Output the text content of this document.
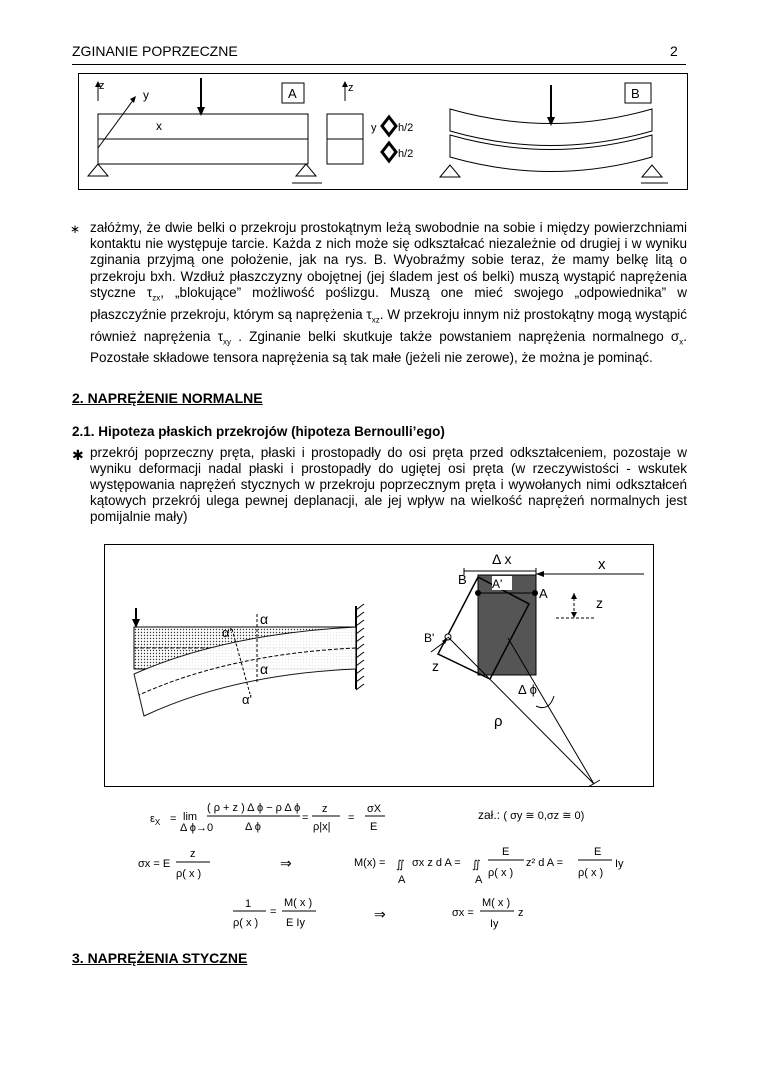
ZGINANIE POPRZECZNE	2
z
y
x
A	z
y h/2
h/2
B
∗ załóżmy, że dwie belki o przekroju prostokątnym leżą swobodnie na sobie i między powierzchniami kontaktu nie występuje tarcie. Każda z nich może się odkształcać niezależnie od drugiej i w wyniku zginania przyjmą one położenie, jak na rys. B. Wyobraźmy sobie teraz, że mamy belkę litą o przekroju bxh. Wzdłuż płaszczyzny obojętnej (jej śladem jest oś belki) muszą wystąpić naprężenia styczne $\tau_{zx}$, „blokujące” możliwość poślizgu. Muszą one mieć swojego „odpowiednika” w płaszczyźnie przekroju, którym są naprężenia $\tau_{xz}$. W przekroju innym niż prostokątny mogą wystąpić również naprężenia $\tau_{xy}$ . Zginanie belki skutkuje także powstaniem naprężenia normalnego $\sigma_x$. Pozostałe składowe tensora naprężenia są tak małe (jeżeli nie zerowe), że można je pominąć.

2. NAPRĘŻENIE NORMALNE
2.1. Hipoteza płaskich przekrojów (hipoteza Bernoulli’ego)
✱ przekrój poprzeczny pręta, płaski i prostopadły do osi pręta przed odkształceniem, pozostaje w wyniku deformacji nadal płaski i prostopadły do ugiętej osi pręta (w rzeczywistości - wskutek występowania naprężeń stycznych w przekroju poprzecznym pręta i wywołanych nimi odkształceń kątowych przekrój ulega pewnej deplanacji, ale jej wpływ na wielkość naprężeń normalnych jest pomijalnie mały)
α
α'
α
α'
A'
B
A
B'
Δ x	x
z
z
Δ ϕ
ρ
$\varepsilon_X = \lim$
Δ ϕ→0
( ρ + z ) Δ ϕ − ρ Δ ϕ
Δ ϕ
=
z
ρ|x|
=
σX
E
zał.: ( σy ≅ 0,σz ≅ 0)
σx = E
z
ρ( x )
⇒	M(x) = ∬
A
σx z d A = ∬
A
E
ρ( x )
z² d A =
E
ρ( x )
Iy
1
ρ( x )
=
M( x )
E Iy
⇒	σx =
M( x )
Iy
z
3. NAPRĘŻENIA STYCZNE
